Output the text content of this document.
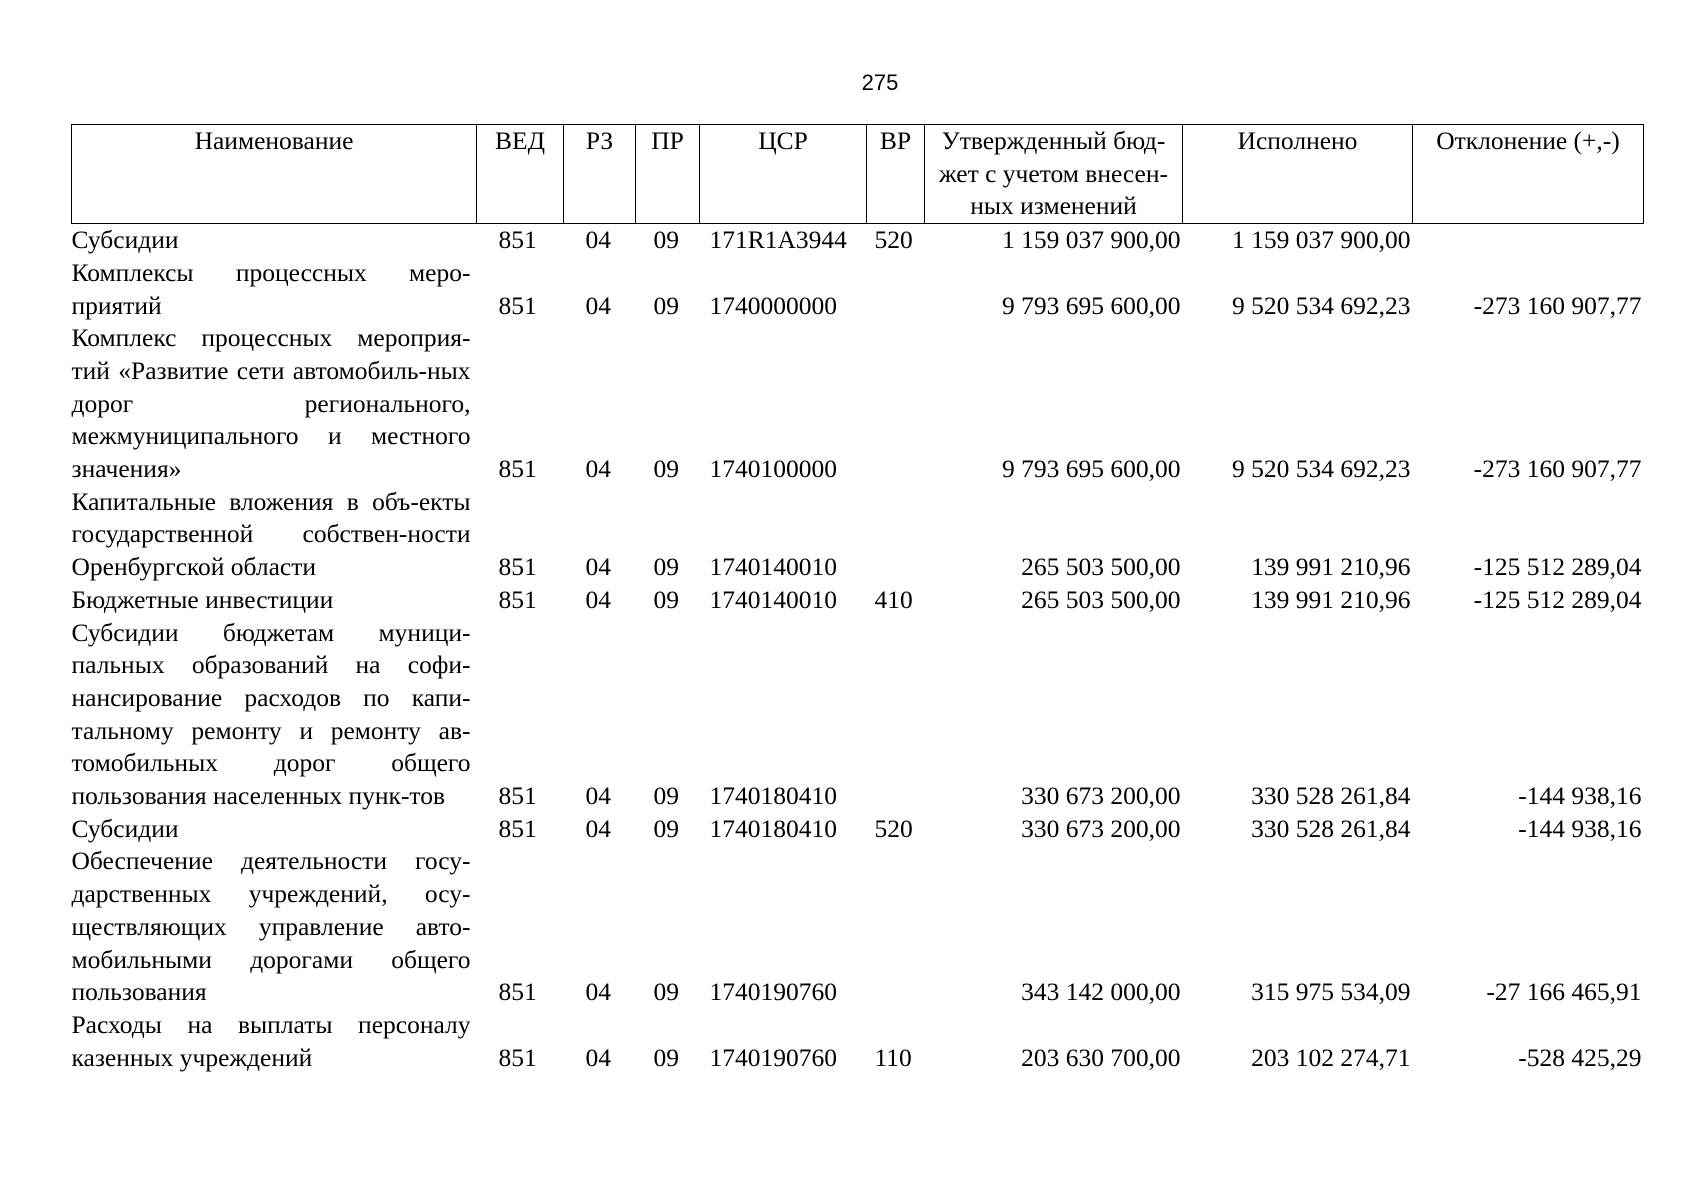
275
Наименование	ВЕД	РЗ	ПР	ЦСР	ВР	Утвержденный бюд-жет с учетом внесен-ных изменений	Исполнено	Отклонение (+,-)
Субсидии	851	04	09	171R1A3944	520	1 159 037 900,00	1 159 037 900,00	
Комплексы процессных меро-приятий	851	04	09	1740000000		9 793 695 600,00	9 520 534 692,23	-273 160 907,77
Комплекс процессных мероприя-тий «Развитие сети автомобиль-ных дорог регионального, межмуниципального и местного значения»	851	04	09	1740100000		9 793 695 600,00	9 520 534 692,23	-273 160 907,77
Капитальные вложения в объ-екты государственной собствен-ности Оренбургской области	851	04	09	1740140010		265 503 500,00	139 991 210,96	-125 512 289,04
Бюджетные инвестиции	851	04	09	1740140010	410	265 503 500,00	139 991 210,96	-125 512 289,04
Субсидии бюджетам муници-пальных образований на софи-нансирование расходов по капи-тальному ремонту и ремонту ав-томобильных дорог общего пользования населенных пунк-тов	851	04	09	1740180410		330 673 200,00	330 528 261,84	-144 938,16
Субсидии	851	04	09	1740180410	520	330 673 200,00	330 528 261,84	-144 938,16
Обеспечение деятельности госу-дарственных учреждений, осу-ществляющих управление авто-мобильными дорогами общего пользования	851	04	09	1740190760		343 142 000,00	315 975 534,09	-27 166 465,91
Расходы на выплаты персоналу казенных учреждений	851	04	09	1740190760	110	203 630 700,00	203 102 274,71	-528 425,29
